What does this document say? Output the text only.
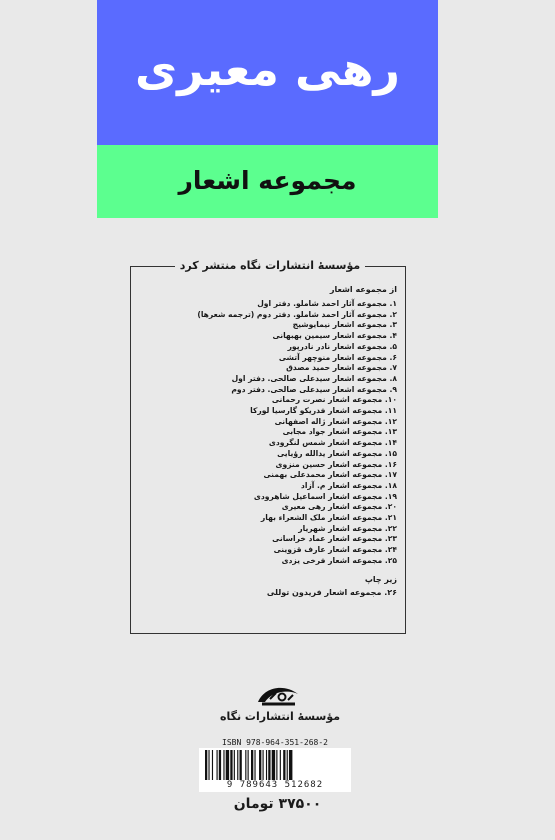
رهی معیری
مجموعه اشعار
مؤسسهٔ انتشارات نگاه منتشر کرد
از مجموعه اشعار
۱. مجموعه آثار احمد شاملو. دفتر اول
۲. مجموعه آثار احمد شاملو. دفتر دوم (ترجمه شعرها)
۳. مجموعه اشعار نیمایوشیج
۴. مجموعه اشعار سیمین بهبهانی
۵. مجموعه اشعار نادر نادرپور
۶. مجموعه اشعار منوچهر آتشی
۷. مجموعه اشعار حمید مصدق
۸. مجموعه اشعار سیدعلی صالحی. دفتر اول
۹. مجموعه اشعار سیدعلی صالحی. دفتر دوم
۱۰. مجموعه اشعار نصرت رحمانی
۱۱. مجموعه اشعار فدریکو گارسیا لورکا
۱۲. مجموعه اشعار ژاله اصفهانی
۱۳. مجموعه اشعار جواد مجابی
۱۴. مجموعه اشعار شمس لنگرودی
۱۵. مجموعه اشعار یدالله رؤیایی
۱۶. مجموعه اشعار حسین منزوی
۱۷. مجموعه اشعار محمدعلی بهمنی
۱۸. مجموعه اشعار م. آزاد
۱۹. مجموعه اشعار اسماعیل شاهرودی
۲۰. مجموعه اشعار رهی معیری
۲۱. مجموعه اشعار ملک الشعراء بهار
۲۲. مجموعه اشعار شهریار
۲۳. مجموعه اشعار عماد خراسانی
۲۴. مجموعه اشعار عارف قزوینی
۲۵. مجموعه اشعار فرخی یزدی
زیر چاپ
۲۶. مجموعه اشعار فریدون توللی
مؤسسهٔ انتشارات نگاه
ISBN 978-964-351-268-2
9 789643 512682
۳۷۵۰۰ تومان
